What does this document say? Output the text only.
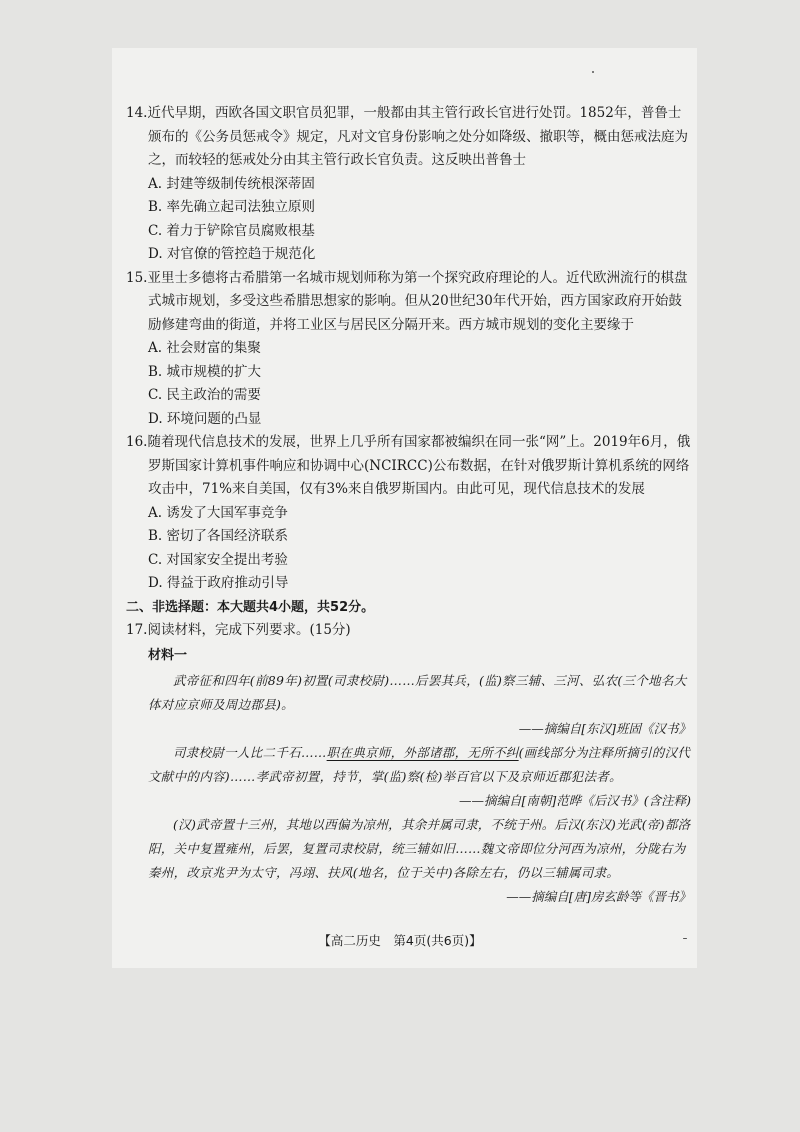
14.近代早期，西欧各国文职官员犯罪，一般都由其主管行政长官进行处罚。1852年，普鲁士颁布的《公务员惩戒令》规定，凡对文官身份影响之处分如降级、撤职等，概由惩戒法庭为之，而较轻的惩戒处分由其主管行政长官负责。这反映出普鲁士

A. 封建等级制传统根深蒂固

B. 率先确立起司法独立原则

C. 着力于铲除官员腐败根基

D. 对官僚的管控趋于规范化

15.亚里士多德将古希腊第一名城市规划师称为第一个探究政府理论的人。近代欧洲流行的棋盘式城市规划，多受这些希腊思想家的影响。但从20世纪30年代开始，西方国家政府开始鼓励修建弯曲的街道，并将工业区与居民区分隔开来。西方城市规划的变化主要缘于

A. 社会财富的集聚

B. 城市规模的扩大

C. 民主政治的需要

D. 环境问题的凸显

16.随着现代信息技术的发展，世界上几乎所有国家都被编织在同一张“网”上。2019年6月，俄罗斯国家计算机事件响应和协调中心(NCIRCC)公布数据，在针对俄罗斯计算机系统的网络攻击中，71%来自美国，仅有3%来自俄罗斯国内。由此可见，现代信息技术的发展

A. 诱发了大国军事竞争

B. 密切了各国经济联系

C. 对国家安全提出考验

D. 得益于政府推动引导

二、非选择题：本大题共4小题，共52分。

17.阅读材料，完成下列要求。(15分)

材料一

武帝征和四年(前89年)初置(司隶校尉)……后罢其兵，(监)察三辅、三河、弘农(三个地名大体对应京师及周边郡县)。

——摘编自[东汉]班固《汉书》

司隶校尉一人比二千石……职在典京师，外部诸郡，无所不纠(画线部分为注释所摘引的汉代文献中的内容)……孝武帝初置，持节，掌(监)察(检)举百官以下及京师近郡犯法者。

——摘编自[南朝]范晔《后汉书》(含注释)

(汉)武帝置十三州，其地以西偏为凉州，其余并属司隶，不统于州。后汉(东汉)光武(帝)都洛阳，关中复置雍州，后罢，复置司隶校尉，统三辅如旧……魏文帝即位分河西为凉州，分陇右为秦州，改京兆尹为太守，冯翊、扶风(地名，位于关中)各除左右，仍以三辅属司隶。

——摘编自[唐]房玄龄等《晋书》

【高二历史　第4页(共6页)】
